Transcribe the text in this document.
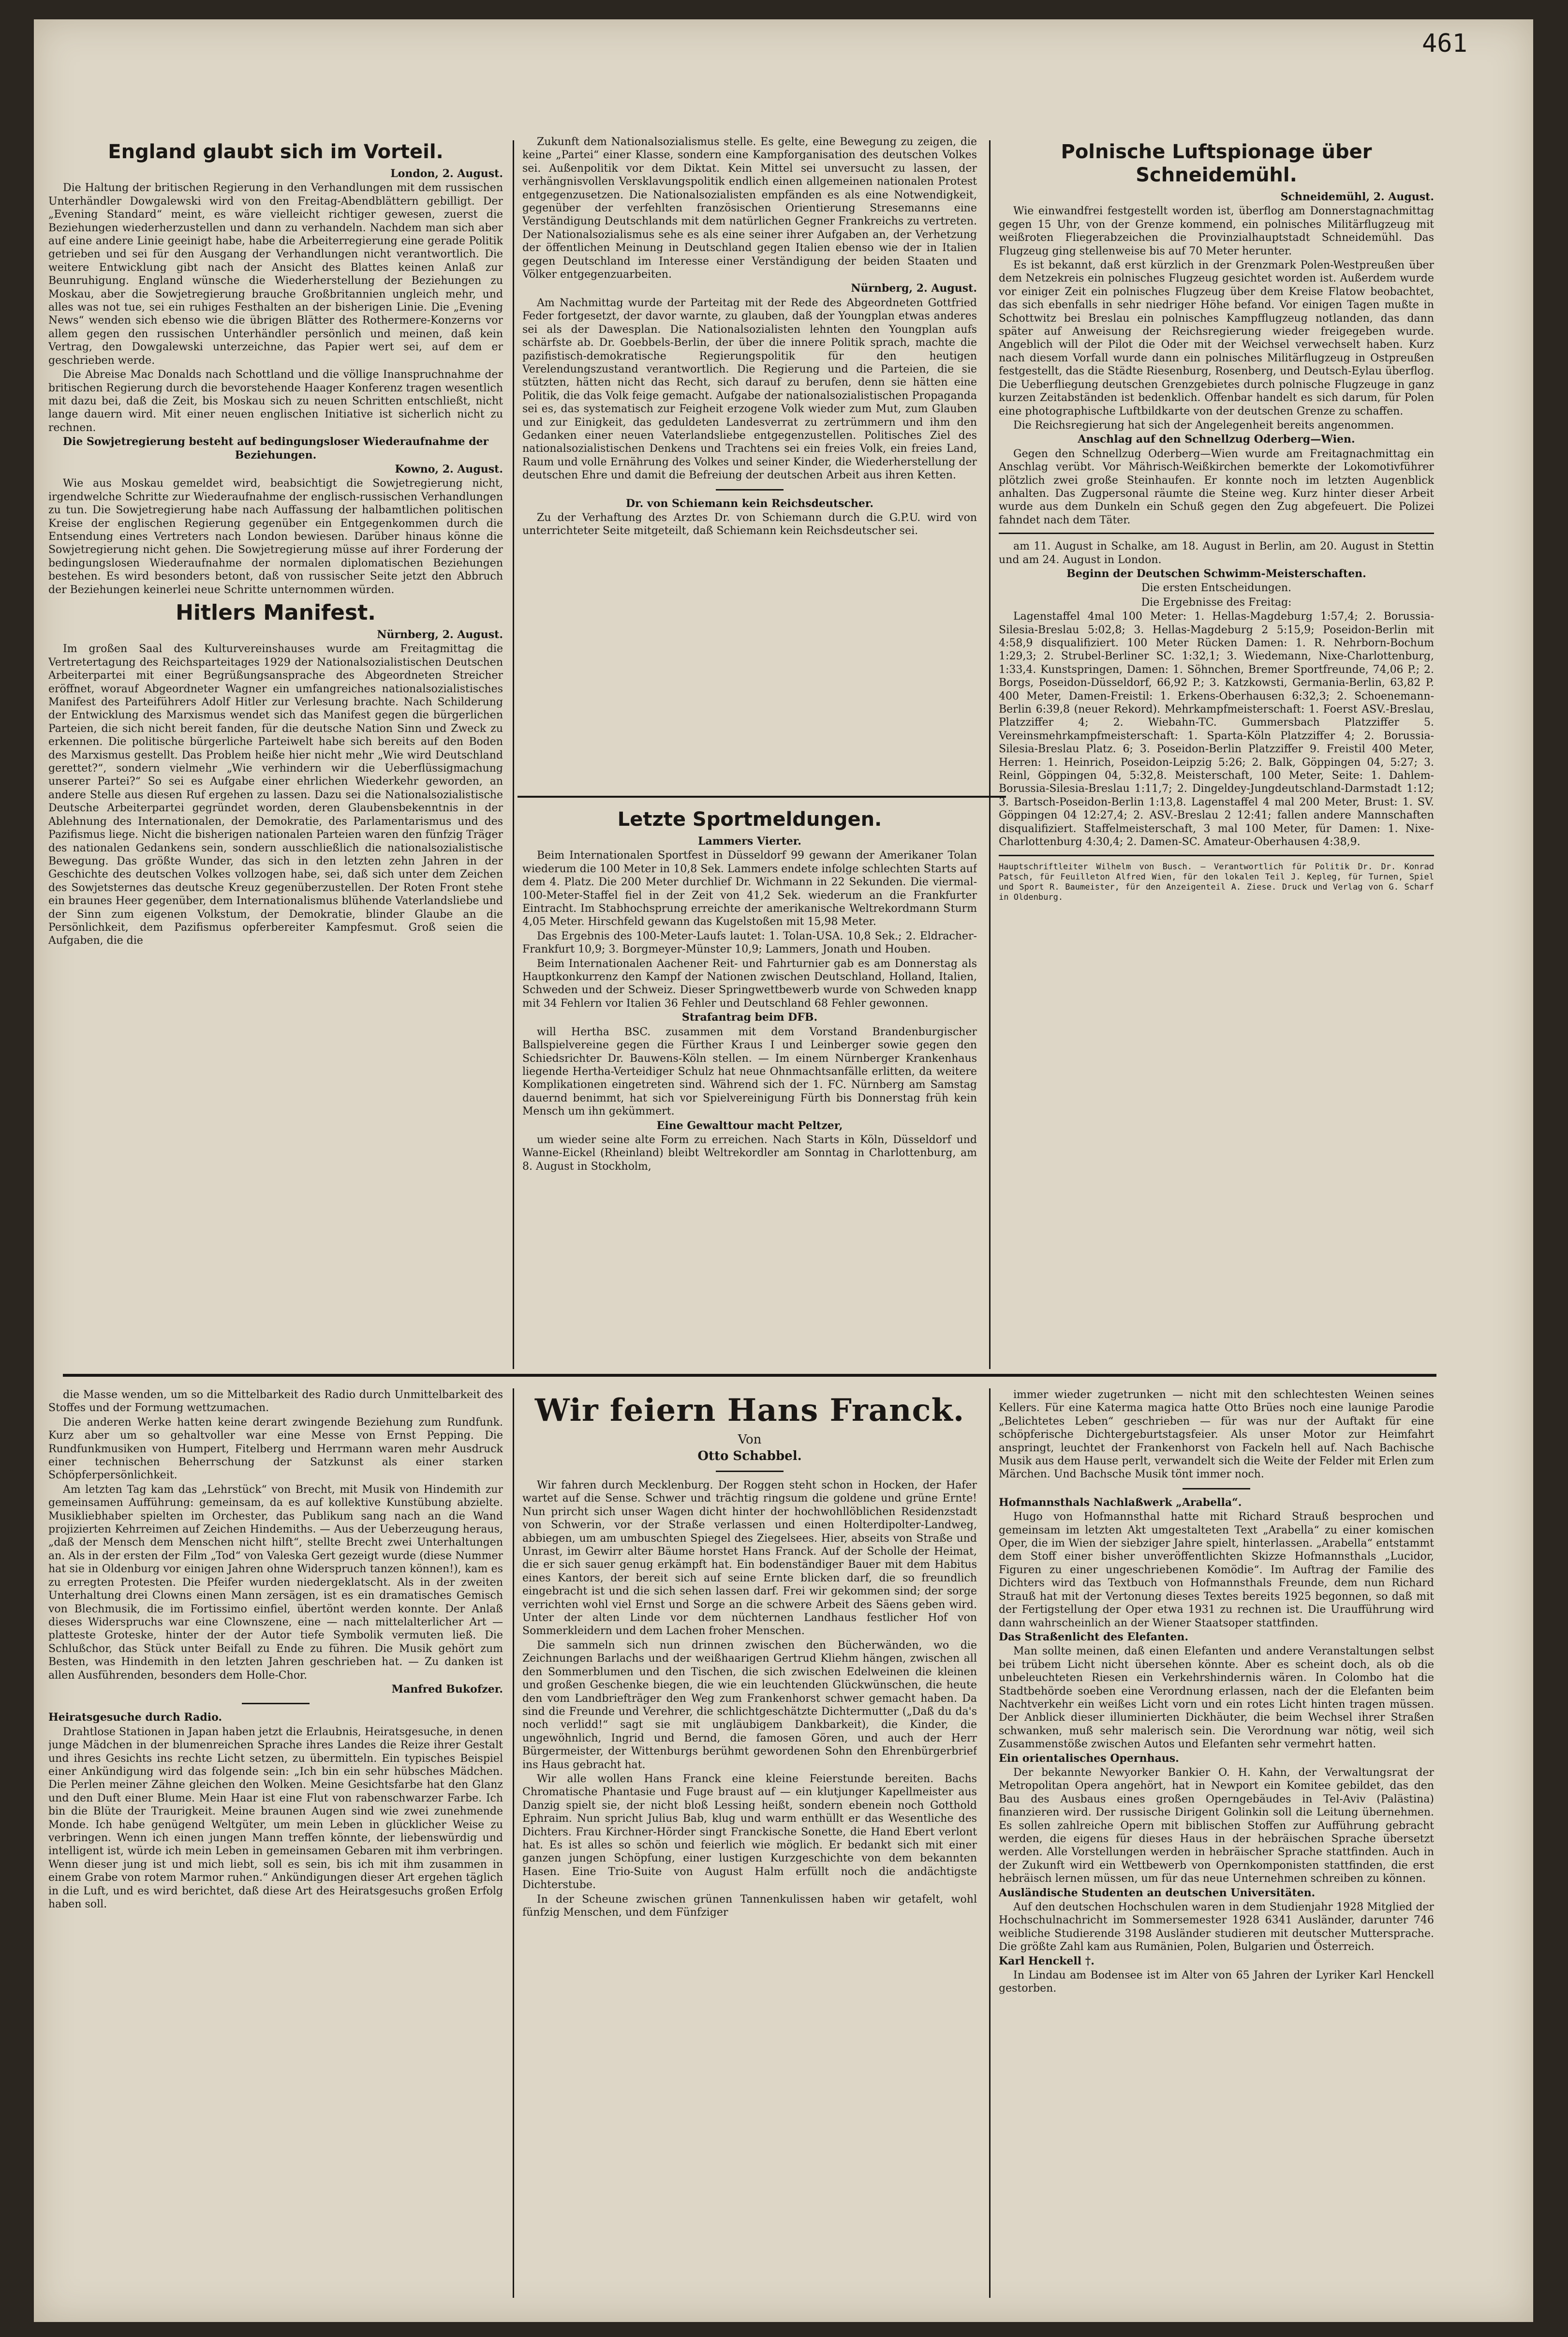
461
England glaubt sich im Vorteil.

London, 2. August.

Die Haltung der britischen Regierung in den Verhandlungen mit dem russischen Unterhändler Dowgalewski wird von den Freitag-Abendblättern gebilligt. Der „Evening Standard“ meint, es wäre vielleicht richtiger gewesen, zuerst die Beziehungen wiederherzustellen und dann zu verhandeln. Nachdem man sich aber auf eine andere Linie geeinigt habe, habe die Arbeiterregierung eine gerade Politik getrieben und sei für den Ausgang der Verhandlungen nicht verantwortlich. Die weitere Entwicklung gibt nach der Ansicht des Blattes keinen Anlaß zur Beunruhigung. England wünsche die Wiederherstellung der Beziehungen zu Moskau, aber die Sowjetregierung brauche Großbritannien ungleich mehr, und alles was not tue, sei ein ruhiges Festhalten an der bisherigen Linie. Die „Evening News“ wenden sich ebenso wie die übrigen Blätter des Rothermere-Konzerns vor allem gegen den russischen Unterhändler persönlich und meinen, daß kein Vertrag, den Dowgalewski unterzeichne, das Papier wert sei, auf dem er geschrieben werde.

Die Abreise Mac Donalds nach Schottland und die völlige Inanspruchnahme der britischen Regierung durch die bevorstehende Haager Konferenz tragen wesentlich mit dazu bei, daß die Zeit, bis Moskau sich zu neuen Schritten entschließt, nicht lange dauern wird. Mit einer neuen englischen Initiative ist sicherlich nicht zu rechnen.

Die Sowjetregierung besteht auf bedingungsloser Wiederaufnahme der Beziehungen.

Kowno, 2. August.

Wie aus Moskau gemeldet wird, beabsichtigt die Sowjetregierung nicht, irgendwelche Schritte zur Wiederaufnahme der englisch-russischen Verhandlungen zu tun. Die Sowjetregierung habe nach Auffassung der halbamtlichen politischen Kreise der englischen Regierung gegenüber ein Entgegenkommen durch die Entsendung eines Vertreters nach London bewiesen. Darüber hinaus könne die Sowjetregierung nicht gehen. Die Sowjetregierung müsse auf ihrer Forderung der bedingungslosen Wiederaufnahme der normalen diplomatischen Beziehungen bestehen. Es wird besonders betont, daß von russischer Seite jetzt den Abbruch der Beziehungen keinerlei neue Schritte unternommen würden.

Hitlers Manifest.

Nürnberg, 2. August.

Im großen Saal des Kulturvereinshauses wurde am Freitagmittag die Vertretertagung des Reichsparteitages 1929 der Nationalsozialistischen Deutschen Arbeiterpartei mit einer Begrüßungsansprache des Abgeordneten Streicher eröffnet, worauf Abgeordneter Wagner ein umfangreiches nationalsozialistisches Manifest des Parteiführers Adolf Hitler zur Verlesung brachte. Nach Schilderung der Entwicklung des Marxismus wendet sich das Manifest gegen die bürgerlichen Parteien, die sich nicht bereit fanden, für die deutsche Nation Sinn und Zweck zu erkennen. Die politische bürgerliche Parteiwelt habe sich bereits auf den Boden des Marxismus gestellt. Das Problem heiße hier nicht mehr „Wie wird Deutschland gerettet?“, sondern vielmehr „Wie verhindern wir die Ueberflüssigmachung unserer Partei?“ So sei es Aufgabe einer ehrlichen Wiederkehr geworden, an andere Stelle aus diesen Ruf ergehen zu lassen. Dazu sei die Nationalsozialistische Deutsche Arbeiterpartei gegründet worden, deren Glaubensbekenntnis in der Ablehnung des Internationalen, der Demokratie, des Parlamentarismus und des Pazifismus liege. Nicht die bisherigen nationalen Parteien waren den fünfzig Träger des nationalen Gedankens sein, sondern ausschließlich die nationalsozialistische Bewegung. Das größte Wunder, das sich in den letzten zehn Jahren in der Geschichte des deutschen Volkes vollzogen habe, sei, daß sich unter dem Zeichen des Sowjetsternes das deutsche Kreuz gegenüberzustellen. Der Roten Front stehe ein braunes Heer gegenüber, dem Internationalismus blühende Vaterlandsliebe und der Sinn zum eigenen Volkstum, der Demokratie, blinder Glaube an die Persönlichkeit, dem Pazifismus opferbereiter Kampfesmut. Groß seien die Aufgaben, die die

Zukunft dem Nationalsozialismus stelle. Es gelte, eine Bewegung zu zeigen, die keine „Partei“ einer Klasse, sondern eine Kampforganisation des deutschen Volkes sei. Außenpolitik vor dem Diktat. Kein Mittel sei unversucht zu lassen, der verhängnisvollen Versklavungspolitik endlich einen allgemeinen nationalen Protest entgegenzusetzen. Die Nationalsozialisten empfänden es als eine Notwendigkeit, gegenüber der verfehlten französischen Orientierung Stresemanns eine Verständigung Deutschlands mit dem natürlichen Gegner Frankreichs zu vertreten. Der Nationalsozialismus sehe es als eine seiner ihrer Aufgaben an, der Verhetzung der öffentlichen Meinung in Deutschland gegen Italien ebenso wie der in Italien gegen Deutschland im Interesse einer Verständigung der beiden Staaten und Völker entgegenzuarbeiten.

Nürnberg, 2. August.

Am Nachmittag wurde der Parteitag mit der Rede des Abgeordneten Gottfried Feder fortgesetzt, der davor warnte, zu glauben, daß der Youngplan etwas anderes sei als der Dawesplan. Die Nationalsozialisten lehnten den Youngplan aufs schärfste ab. Dr. Goebbels-Berlin, der über die innere Politik sprach, machte die pazifistisch-demokratische Regierungspolitik für den heutigen Verelendungszustand verantwortlich. Die Regierung und die Parteien, die sie stützten, hätten nicht das Recht, sich darauf zu berufen, denn sie hätten eine Politik, die das Volk feige gemacht. Aufgabe der nationalsozialistischen Propaganda sei es, das systematisch zur Feigheit erzogene Volk wieder zum Mut, zum Glauben und zur Einigkeit, das geduldeten Landesverrat zu zertrümmern und ihm den Gedanken einer neuen Vaterlandsliebe entgegenzustellen. Politisches Ziel des nationalsozialistischen Denkens und Trachtens sei ein freies Volk, ein freies Land, Raum und volle Ernährung des Volkes und seiner Kinder, die Wiederherstellung der deutschen Ehre und damit die Befreiung der deutschen Arbeit aus ihren Ketten.

Dr. von Schiemann kein Reichsdeutscher.

Zu der Verhaftung des Arztes Dr. von Schiemann durch die G.P.U. wird von unterrichteter Seite mitgeteilt, daß Schiemann kein Reichsdeutscher sei.

Letzte Sportmeldungen.

Lammers Vierter.

Beim Internationalen Sportfest in Düsseldorf 99 gewann der Amerikaner Tolan wiederum die 100 Meter in 10,8 Sek. Lammers endete infolge schlechten Starts auf dem 4. Platz. Die 200 Meter durchlief Dr. Wichmann in 22 Sekunden. Die viermal-100-Meter-Staffel fiel in der Zeit von 41,2 Sek. wiederum an die Frankfurter Eintracht. Im Stabhochsprung erreichte der amerikanische Weltrekordmann Sturm 4,05 Meter. Hirschfeld gewann das Kugelstoßen mit 15,98 Meter.

Das Ergebnis des 100-Meter-Laufs lautet: 1. Tolan-USA. 10,8 Sek.; 2. Eldracher-Frankfurt 10,9; 3. Borgmeyer-Münster 10,9; Lammers, Jonath und Houben.

Beim Internationalen Aachener Reit- und Fahrturnier gab es am Donnerstag als Hauptkonkurrenz den Kampf der Nationen zwischen Deutschland, Holland, Italien, Schweden und der Schweiz. Dieser Springwettbewerb wurde von Schweden knapp mit 34 Fehlern vor Italien 36 Fehler und Deutschland 68 Fehler gewonnen.

Strafantrag beim DFB.

will Hertha BSC. zusammen mit dem Vorstand Brandenburgischer Ballspielvereine gegen die Fürther Kraus I und Leinberger sowie gegen den Schiedsrichter Dr. Bauwens-Köln stellen. — Im einem Nürnberger Krankenhaus liegende Hertha-Verteidiger Schulz hat neue Ohnmachtsanfälle erlitten, da weitere Komplikationen eingetreten sind. Während sich der 1. FC. Nürnberg am Samstag dauernd benimmt, hat sich vor Spielvereinigung Fürth bis Donnerstag früh kein Mensch um ihn gekümmert.

Eine Gewalttour macht Peltzer,

um wieder seine alte Form zu erreichen. Nach Starts in Köln, Düsseldorf und Wanne-Eickel (Rheinland) bleibt Weltrekordler am Sonntag in Charlottenburg, am 8. August in Stockholm,

Polnische Luftspionage über Schneidemühl.

Schneidemühl, 2. August.

Wie einwandfrei festgestellt worden ist, überflog am Donnerstagnachmittag gegen 15 Uhr, von der Grenze kommend, ein polnisches Militärflugzeug mit weißroten Fliegerabzeichen die Provinzialhauptstadt Schneidemühl. Das Flugzeug ging stellenweise bis auf 70 Meter herunter.

Es ist bekannt, daß erst kürzlich in der Grenzmark Polen-Westpreußen über dem Netzekreis ein polnisches Flugzeug gesichtet worden ist. Außerdem wurde vor einiger Zeit ein polnisches Flugzeug über dem Kreise Flatow beobachtet, das sich ebenfalls in sehr niedriger Höhe befand. Vor einigen Tagen mußte in Schottwitz bei Breslau ein polnisches Kampfflugzeug notlanden, das dann später auf Anweisung der Reichsregierung wieder freigegeben wurde. Angeblich will der Pilot die Oder mit der Weichsel verwechselt haben. Kurz nach diesem Vorfall wurde dann ein polnisches Militärflugzeug in Ostpreußen festgestellt, das die Städte Riesenburg, Rosenberg, und Deutsch-Eylau überflog. Die Ueberfliegung deutschen Grenzgebietes durch polnische Flugzeuge in ganz kurzen Zeitabständen ist bedenklich. Offenbar handelt es sich darum, für Polen eine photographische Luftbildkarte von der deutschen Grenze zu schaffen.

Die Reichsregierung hat sich der Angelegenheit bereits angenommen.

Anschlag auf den Schnellzug Oderberg—Wien.

Gegen den Schnellzug Oderberg—Wien wurde am Freitagnachmittag ein Anschlag verübt. Vor Mährisch-Weißkirchen bemerkte der Lokomotivführer plötzlich zwei große Steinhaufen. Er konnte noch im letzten Augenblick anhalten. Das Zugpersonal räumte die Steine weg. Kurz hinter dieser Arbeit wurde aus dem Dunkeln ein Schuß gegen den Zug abgefeuert. Die Polizei fahndet nach dem Täter.

am 11. August in Schalke, am 18. August in Berlin, am 20. August in Stettin und am 24. August in London.

Beginn der Deutschen Schwimm-Meisterschaften.

Die ersten Entscheidungen.

Die Ergebnisse des Freitag:

Lagenstaffel 4mal 100 Meter: 1. Hellas-Magdeburg 1:57,4; 2. Borussia-Silesia-Breslau 5:02,8; 3. Hellas-Magdeburg 2 5:15,9; Poseidon-Berlin mit 4:58,9 disqualifiziert. 100 Meter Rücken Damen: 1. R. Nehrborn-Bochum 1:29,3; 2. Strubel-Berliner SC. 1:32,1; 3. Wiedemann, Nixe-Charlottenburg, 1:33,4. Kunstspringen, Damen: 1. Söhnchen, Bremer Sportfreunde, 74,06 P.; 2. Borgs, Poseidon-Düsseldorf, 66,92 P.; 3. Katzkowsti, Germania-Berlin, 63,82 P. 400 Meter, Damen-Freistil: 1. Erkens-Oberhausen 6:32,3; 2. Schoenemann-Berlin 6:39,8 (neuer Rekord). Mehrkampfmeisterschaft: 1. Foerst ASV.-Breslau, Platzziffer 4; 2. Wiebahn-TC. Gummersbach Platzziffer 5. Vereinsmehrkampfmeisterschaft: 1. Sparta-Köln Platzziffer 4; 2. Borussia-Silesia-Breslau Platz. 6; 3. Poseidon-Berlin Platzziffer 9. Freistil 400 Meter, Herren: 1. Heinrich, Poseidon-Leipzig 5:26; 2. Balk, Göppingen 04, 5:27; 3. Reinl, Göppingen 04, 5:32,8. Meisterschaft, 100 Meter, Seite: 1. Dahlem-Borussia-Silesia-Breslau 1:11,7; 2. Dingeldey-Jungdeutschland-Darmstadt 1:12; 3. Bartsch-Poseidon-Berlin 1:13,8. Lagenstaffel 4 mal 200 Meter, Brust: 1. SV. Göppingen 04 12:27,4; 2. ASV.-Breslau 2 12:41; fallen andere Mannschaften disqualifiziert. Staffelmeisterschaft, 3 mal 100 Meter, für Damen: 1. Nixe-Charlottenburg 4:30,4; 2. Damen-SC. Amateur-Oberhausen 4:38,9.

Hauptschriftleiter Wilhelm von Busch. — Verantwortlich für Politik Dr. Dr. Konrad Patsch, für Feuilleton Alfred Wien, für den lokalen Teil J. Kepleg, für Turnen, Spiel und Sport R. Baumeister, für den Anzeigenteil A. Ziese. Druck und Verlag von G. Scharf in Oldenburg.

die Masse wenden, um so die Mittelbarkeit des Radio durch Unmittelbarkeit des Stoffes und der Formung wettzumachen.

Die anderen Werke hatten keine derart zwingende Beziehung zum Rundfunk. Kurz aber um so gehaltvoller war eine Messe von Ernst Pepping. Die Rundfunkmusiken von Humpert, Fitelberg und Herrmann waren mehr Ausdruck einer technischen Beherrschung der Satzkunst als einer starken Schöpferpersönlichkeit.

Am letzten Tag kam das „Lehrstück“ von Brecht, mit Musik von Hindemith zur gemeinsamen Aufführung: gemeinsam, da es auf kollektive Kunstübung abzielte. Musikliebhaber spielten im Orchester, das Publikum sang nach an die Wand projizierten Kehrreimen auf Zeichen Hindemiths. — Aus der Ueberzeugung heraus, „daß der Mensch dem Menschen nicht hilft“, stellte Brecht zwei Unterhaltungen an. Als in der ersten der Film „Tod“ von Valeska Gert gezeigt wurde (diese Nummer hat sie in Oldenburg vor einigen Jahren ohne Widerspruch tanzen können!), kam es zu erregten Protesten. Die Pfeifer wurden niedergeklatscht. Als in der zweiten Unterhaltung drei Clowns einen Mann zersägen, ist es ein dramatisches Gemisch von Blechmusik, die im Fortissimo einfiel, übertönt werden konnte. Der Anlaß dieses Widerspruchs war eine Clownszene, eine — nach mittelalterlicher Art — platteste Groteske, hinter der der Autor tiefe Symbolik vermuten ließ. Die Schlußchor, das Stück unter Beifall zu Ende zu führen. Die Musik gehört zum Besten, was Hindemith in den letzten Jahren geschrieben hat. — Zu danken ist allen Ausführenden, besonders dem Holle-Chor.

Manfred Bukofzer.

Heiratsgesuche durch Radio.

Drahtlose Stationen in Japan haben jetzt die Erlaubnis, Heiratsgesuche, in denen junge Mädchen in der blumenreichen Sprache ihres Landes die Reize ihrer Gestalt und ihres Gesichts ins rechte Licht setzen, zu übermitteln. Ein typisches Beispiel einer Ankündigung wird das folgende sein: „Ich bin ein sehr hübsches Mädchen. Die Perlen meiner Zähne gleichen den Wolken. Meine Gesichtsfarbe hat den Glanz und den Duft einer Blume. Mein Haar ist eine Flut von rabenschwarzer Farbe. Ich bin die Blüte der Traurigkeit. Meine braunen Augen sind wie zwei zunehmende Monde. Ich habe genügend Weltgüter, um mein Leben in glücklicher Weise zu verbringen. Wenn ich einen jungen Mann treffen könnte, der liebenswürdig und intelligent ist, würde ich mein Leben in gemeinsamen Gebaren mit ihm verbringen. Wenn dieser jung ist und mich liebt, soll es sein, bis ich mit ihm zusammen in einem Grabe von rotem Marmor ruhen.“ Ankündigungen dieser Art ergehen täglich in die Luft, und es wird berichtet, daß diese Art des Heiratsgesuchs großen Erfolg haben soll.

Wir feiern Hans Franck.

Von

Otto Schabbel.

Wir fahren durch Mecklenburg. Der Roggen steht schon in Hocken, der Hafer wartet auf die Sense. Schwer und trächtig ringsum die goldene und grüne Ernte! Nun prircht sich unser Wagen dicht hinter der hochwohllöblichen Residenzstadt von Schwerin, vor der Straße verlassen und einen Holterdipolter-Landweg, abbiegen, um am umbuschten Spiegel des Ziegelsees. Hier, abseits von Straße und Unrast, im Gewirr alter Bäume horstet Hans Franck. Auf der Scholle der Heimat, die er sich sauer genug erkämpft hat. Ein bodenständiger Bauer mit dem Habitus eines Kantors, der bereit sich auf seine Ernte blicken darf, die so freundlich eingebracht ist und die sich sehen lassen darf. Frei wir gekommen sind; der sorge verrichten wohl viel Ernst und Sorge an die schwere Arbeit des Säens geben wird. Unter der alten Linde vor dem nüchternen Landhaus festlicher Hof von Sommerkleidern und dem Lachen froher Menschen.

Die sammeln sich nun drinnen zwischen den Bücherwänden, wo die Zeichnungen Barlachs und der weißhaarigen Gertrud Kliehm hängen, zwischen all den Sommerblumen und den Tischen, die sich zwischen Edelweinen die kleinen und großen Geschenke biegen, die wie ein leuchtenden Glückwünschen, die heute den vom Landbriefträger den Weg zum Frankenhorst schwer gemacht haben. Da sind die Freunde und Verehrer, die schlichtgeschätzte Dichtermutter („Daß du da's noch verlidd!“ sagt sie mit ungläubigem Dankbarkeit), die Kinder, die ungewöhnlich, Ingrid und Bernd, die famosen Gören, und auch der Herr Bürgermeister, der Wittenburgs berühmt gewordenen Sohn den Ehrenbürgerbrief ins Haus gebracht hat.

Wir alle wollen Hans Franck eine kleine Feierstunde bereiten. Bachs Chromatische Phantasie und Fuge braust auf — ein klutjunger Kapellmeister aus Danzig spielt sie, der nicht bloß Lessing heißt, sondern ebenein noch Gotthold Ephraim. Nun spricht Julius Bab, klug und warm enthüllt er das Wesentliche des Dichters. Frau Kirchner-Hörder singt Franckische Sonette, die Hand Ebert verlont hat. Es ist alles so schön und feierlich wie möglich. Er bedankt sich mit einer ganzen jungen Schöpfung, einer lustigen Kurzgeschichte von dem bekannten Hasen. Eine Trio-Suite von August Halm erfüllt noch die andächtigste Dichterstube.

In der Scheune zwischen grünen Tannenkulissen haben wir getafelt, wohl fünfzig Menschen, und dem Fünfziger

immer wieder zugetrunken — nicht mit den schlechtesten Weinen seines Kellers. Für eine Katerma magica hatte Otto Brües noch eine launige Parodie „Belichtetes Leben“ geschrieben — für was nur der Auftakt für eine schöpferische Dichtergeburtstagsfeier. Als unser Motor zur Heimfahrt anspringt, leuchtet der Frankenhorst von Fackeln hell auf. Nach Bachische Musik aus dem Hause perlt, verwandelt sich die Weite der Felder mit Erlen zum Märchen. Und Bachsche Musik tönt immer noch.

Hofmannsthals Nachlaßwerk „Arabella“.

Hugo von Hofmannsthal hatte mit Richard Strauß besprochen und gemeinsam im letzten Akt umgestalteten Text „Arabella“ zu einer komischen Oper, die im Wien der siebziger Jahre spielt, hinterlassen. „Arabella“ entstammt dem Stoff einer bisher unveröffentlichten Skizze Hofmannsthals „Lucidor, Figuren zu einer ungeschriebenen Komödie“. Im Auftrag der Familie des Dichters wird das Textbuch von Hofmannsthals Freunde, dem nun Richard Strauß hat mit der Vertonung dieses Textes bereits 1925 begonnen, so daß mit der Fertigstellung der Oper etwa 1931 zu rechnen ist. Die Uraufführung wird dann wahrscheinlich an der Wiener Staatsoper stattfinden.

Das Straßenlicht des Elefanten.

Man sollte meinen, daß einen Elefanten und andere Veranstaltungen selbst bei trübem Licht nicht übersehen könnte. Aber es scheint doch, als ob die unbeleuchteten Riesen ein Verkehrshindernis wären. In Colombo hat die Stadtbehörde soeben eine Verordnung erlassen, nach der die Elefanten beim Nachtverkehr ein weißes Licht vorn und ein rotes Licht hinten tragen müssen. Der Anblick dieser illuminierten Dickhäuter, die beim Wechsel ihrer Straßen schwanken, muß sehr malerisch sein. Die Verordnung war nötig, weil sich Zusammenstöße zwischen Autos und Elefanten sehr vermehrt hatten.

Ein orientalisches Opernhaus.

Der bekannte Newyorker Bankier O. H. Kahn, der Verwaltungsrat der Metropolitan Opera angehört, hat in Newport ein Komitee gebildet, das den Bau des Ausbaus eines großen Operngebäudes in Tel-Aviv (Palästina) finanzieren wird. Der russische Dirigent Golinkin soll die Leitung übernehmen. Es sollen zahlreiche Opern mit biblischen Stoffen zur Aufführung gebracht werden, die eigens für dieses Haus in der hebräischen Sprache übersetzt werden. Alle Vorstellungen werden in hebräischer Sprache stattfinden. Auch in der Zukunft wird ein Wettbewerb von Opernkomponisten stattfinden, die erst hebräisch lernen müssen, um für das neue Unternehmen schreiben zu können.

Ausländische Studenten an deutschen Universitäten.

Auf den deutschen Hochschulen waren in dem Studienjahr 1928 Mitglied der Hochschulnachricht im Sommersemester 1928 6341 Ausländer, darunter 746 weibliche Studierende 3198 Ausländer studieren mit deutscher Muttersprache. Die größte Zahl kam aus Rumänien, Polen, Bulgarien und Österreich.

Karl Henckell †.

In Lindau am Bodensee ist im Alter von 65 Jahren der Lyriker Karl Henckell gestorben.
